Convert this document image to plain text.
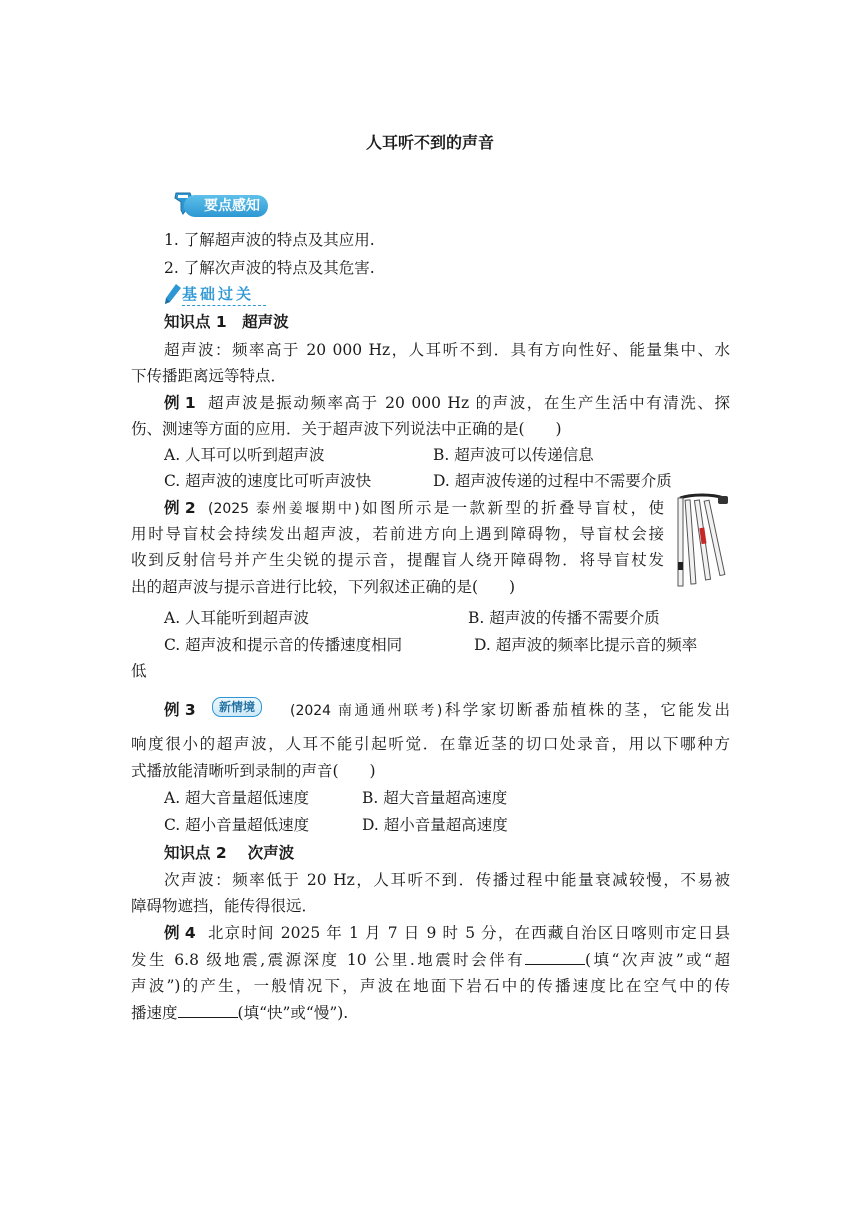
人耳听不到的声音
要点感知
1. 了解超声波的特点及其应用.
2. 了解次声波的特点及其危害.
基础过关
知识点 1　超声波
超声波：频率高于 20 000 Hz，人耳听不到．具有方向性好、能量集中、水
下传播距离远等特点．
例 1 超声波是振动频率高于 20 000 Hz 的声波，在生产生活中有清洗、探
伤、测速等方面的应用．关于超声波下列说法中正确的是(　　)
A. 人耳可以听到超声波	B. 超声波可以传递信息
C. 超声波的速度比可听声波快	D. 超声波传递的过程中不需要介质
例 2 (2025 泰州姜堰期中)如图所示是一款新型的折叠导盲杖，使
用时导盲杖会持续发出超声波，若前进方向上遇到障碍物，导盲杖会接
收到反射信号并产生尖锐的提示音，提醒盲人绕开障碍物．将导盲杖发
出的超声波与提示音进行比较，下列叙述正确的是(　　)
A. 人耳能听到超声波	B. 超声波的传播不需要介质
C. 超声波和提示音的传播速度相同	D. 超声波的频率比提示音的频率
低
例 3	新情境	(2024 南通通州联考)科学家切断番茄植株的茎，它能发出
响度很小的超声波，人耳不能引起听觉．在靠近茎的切口处录音，用以下哪种方
式播放能清晰听到录制的声音(　　)
A. 超大音量超低速度	B. 超大音量超高速度
C. 超小音量超低速度	D. 超小音量超高速度
知识点 2　 次声波
次声波：频率低于 20 Hz，人耳听不到．传播过程中能量衰减较慢，不易被
障碍物遮挡，能传得很远．
例 4 北京时间 2025 年 1 月 7 日 9 时 5 分，在西藏自治区日喀则市定日县
发生 6.8 级地震,震源深度 10 公里.地震时会伴有	(填“次声波”或“超
声波”)的产生，一般情况下，声波在地面下岩石中的传播速度比在空气中的传
播速度	(填“快”或“慢”).
